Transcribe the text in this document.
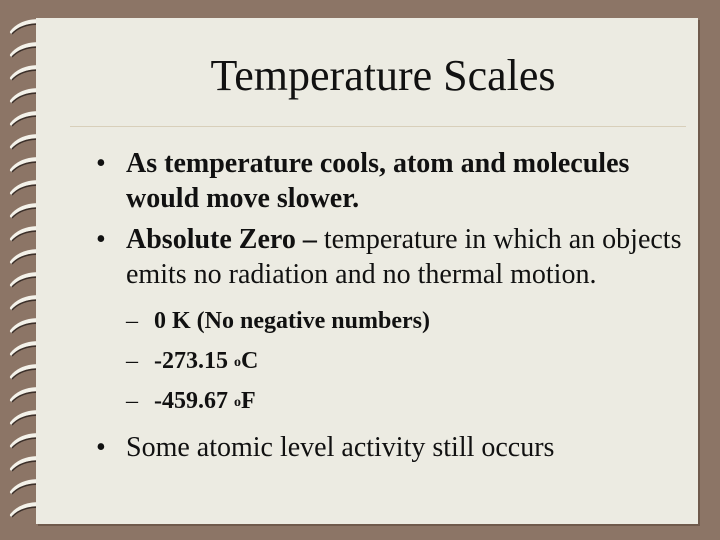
Temperature Scales
• As temperature cools, atom and molecules would move slower.
• Absolute Zero – temperature in which an objects emits no radiation and no thermal motion.
– 0 K (No negative numbers)
– -273.15 $^o$C
– -459.67 $^o$F
• Some atomic level activity still occurs
